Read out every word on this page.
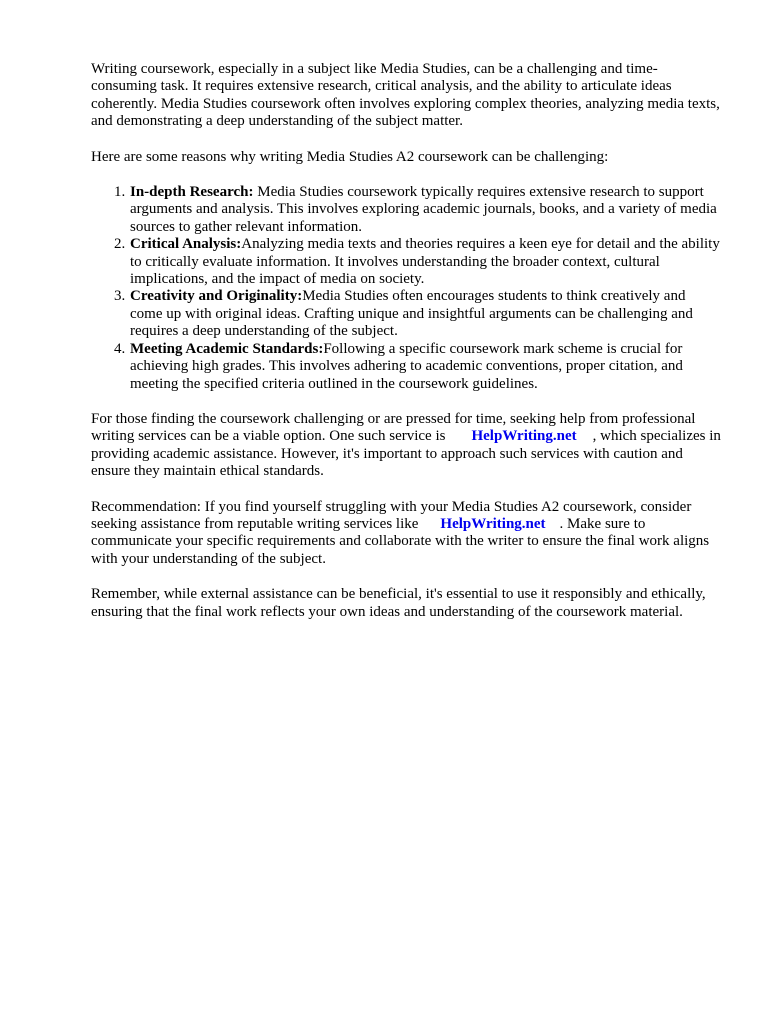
Writing coursework, especially in a subject like Media Studies, can be a challenging and time-consuming task. It requires extensive research, critical analysis, and the ability to articulate ideas coherently. Media Studies coursework often involves exploring complex theories, analyzing media texts, and demonstrating a deep understanding of the subject matter.

Here are some reasons why writing Media Studies A2 coursework can be challenging:

1. In-depth Research: Media Studies coursework typically requires extensive research to support arguments and analysis. This involves exploring academic journals, books, and a variety of media sources to gather relevant information.
2. Critical Analysis:Analyzing media texts and theories requires a keen eye for detail and the ability to critically evaluate information. It involves understanding the broader context, cultural implications, and the impact of media on society.
3. Creativity and Originality:Media Studies often encourages students to think creatively and come up with original ideas. Crafting unique and insightful arguments can be challenging and requires a deep understanding of the subject.
4. Meeting Academic Standards:Following a specific coursework mark scheme is crucial for achieving high grades. This involves adhering to academic conventions, proper citation, and meeting the specified criteria outlined in the coursework guidelines.

For those finding the coursework challenging or are pressed for time, seeking help from professional writing services can be a viable option. One such service is HelpWriting.net , which specializes in providing academic assistance. However, it's important to approach such services with caution and ensure they maintain ethical standards.

Recommendation: If you find yourself struggling with your Media Studies A2 coursework, consider seeking assistance from reputable writing services like HelpWriting.net . Make sure to communicate your specific requirements and collaborate with the writer to ensure the final work aligns with your understanding of the subject.

Remember, while external assistance can be beneficial, it's essential to use it responsibly and ethically, ensuring that the final work reflects your own ideas and understanding of the coursework material.
